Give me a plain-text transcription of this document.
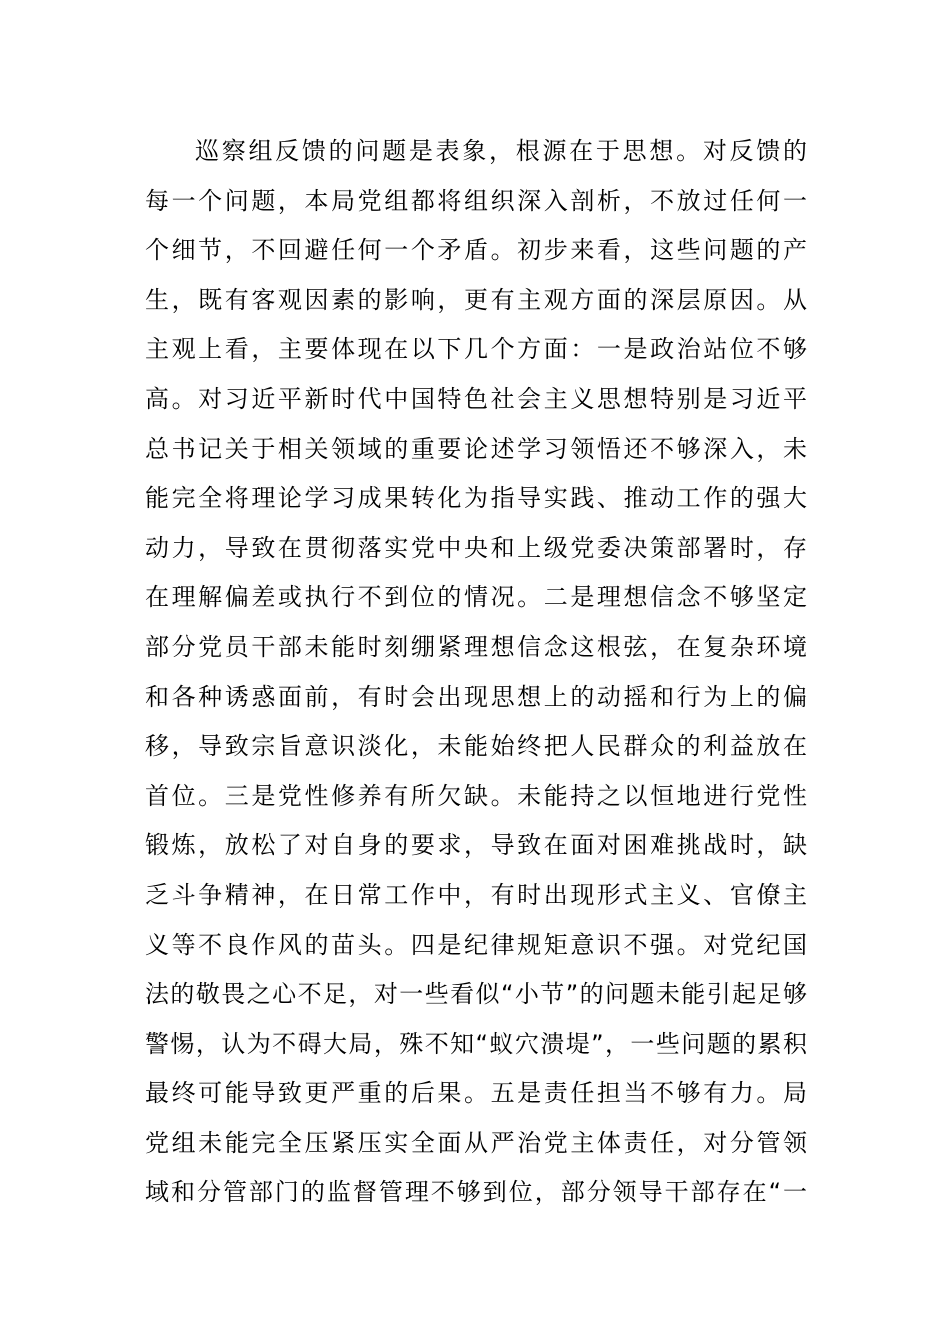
巡察组反馈的问题是表象，根源在于思想。对反馈的
每一个问题，本局党组都将组织深入剖析，不放过任何一
个细节，不回避任何一个矛盾。初步来看，这些问题的产
生，既有客观因素的影响，更有主观方面的深层原因。从
主观上看，主要体现在以下几个方面：一是政治站位不够
高。对习近平新时代中国特色社会主义思想特别是习近平
总书记关于相关领域的重要论述学习领悟还不够深入，未
能完全将理论学习成果转化为指导实践、推动工作的强大
动力，导致在贯彻落实党中央和上级党委决策部署时，存
在理解偏差或执行不到位的情况。二是理想信念不够坚定
部分党员干部未能时刻绷紧理想信念这根弦，在复杂环境
和各种诱惑面前，有时会出现思想上的动摇和行为上的偏
移，导致宗旨意识淡化，未能始终把人民群众的利益放在
首位。三是党性修养有所欠缺。未能持之以恒地进行党性
锻炼，放松了对自身的要求，导致在面对困难挑战时，缺
乏斗争精神，在日常工作中，有时出现形式主义、官僚主
义等不良作风的苗头。四是纪律规矩意识不强。对党纪国
法的敬畏之心不足，对一些看似“小节”的问题未能引起足够
警惕，认为不碍大局，殊不知“蚁穴溃堤”，一些问题的累积
最终可能导致更严重的后果。五是责任担当不够有力。局
党组未能完全压紧压实全面从严治党主体责任，对分管领
域和分管部门的监督管理不够到位，部分领导干部存在“一
